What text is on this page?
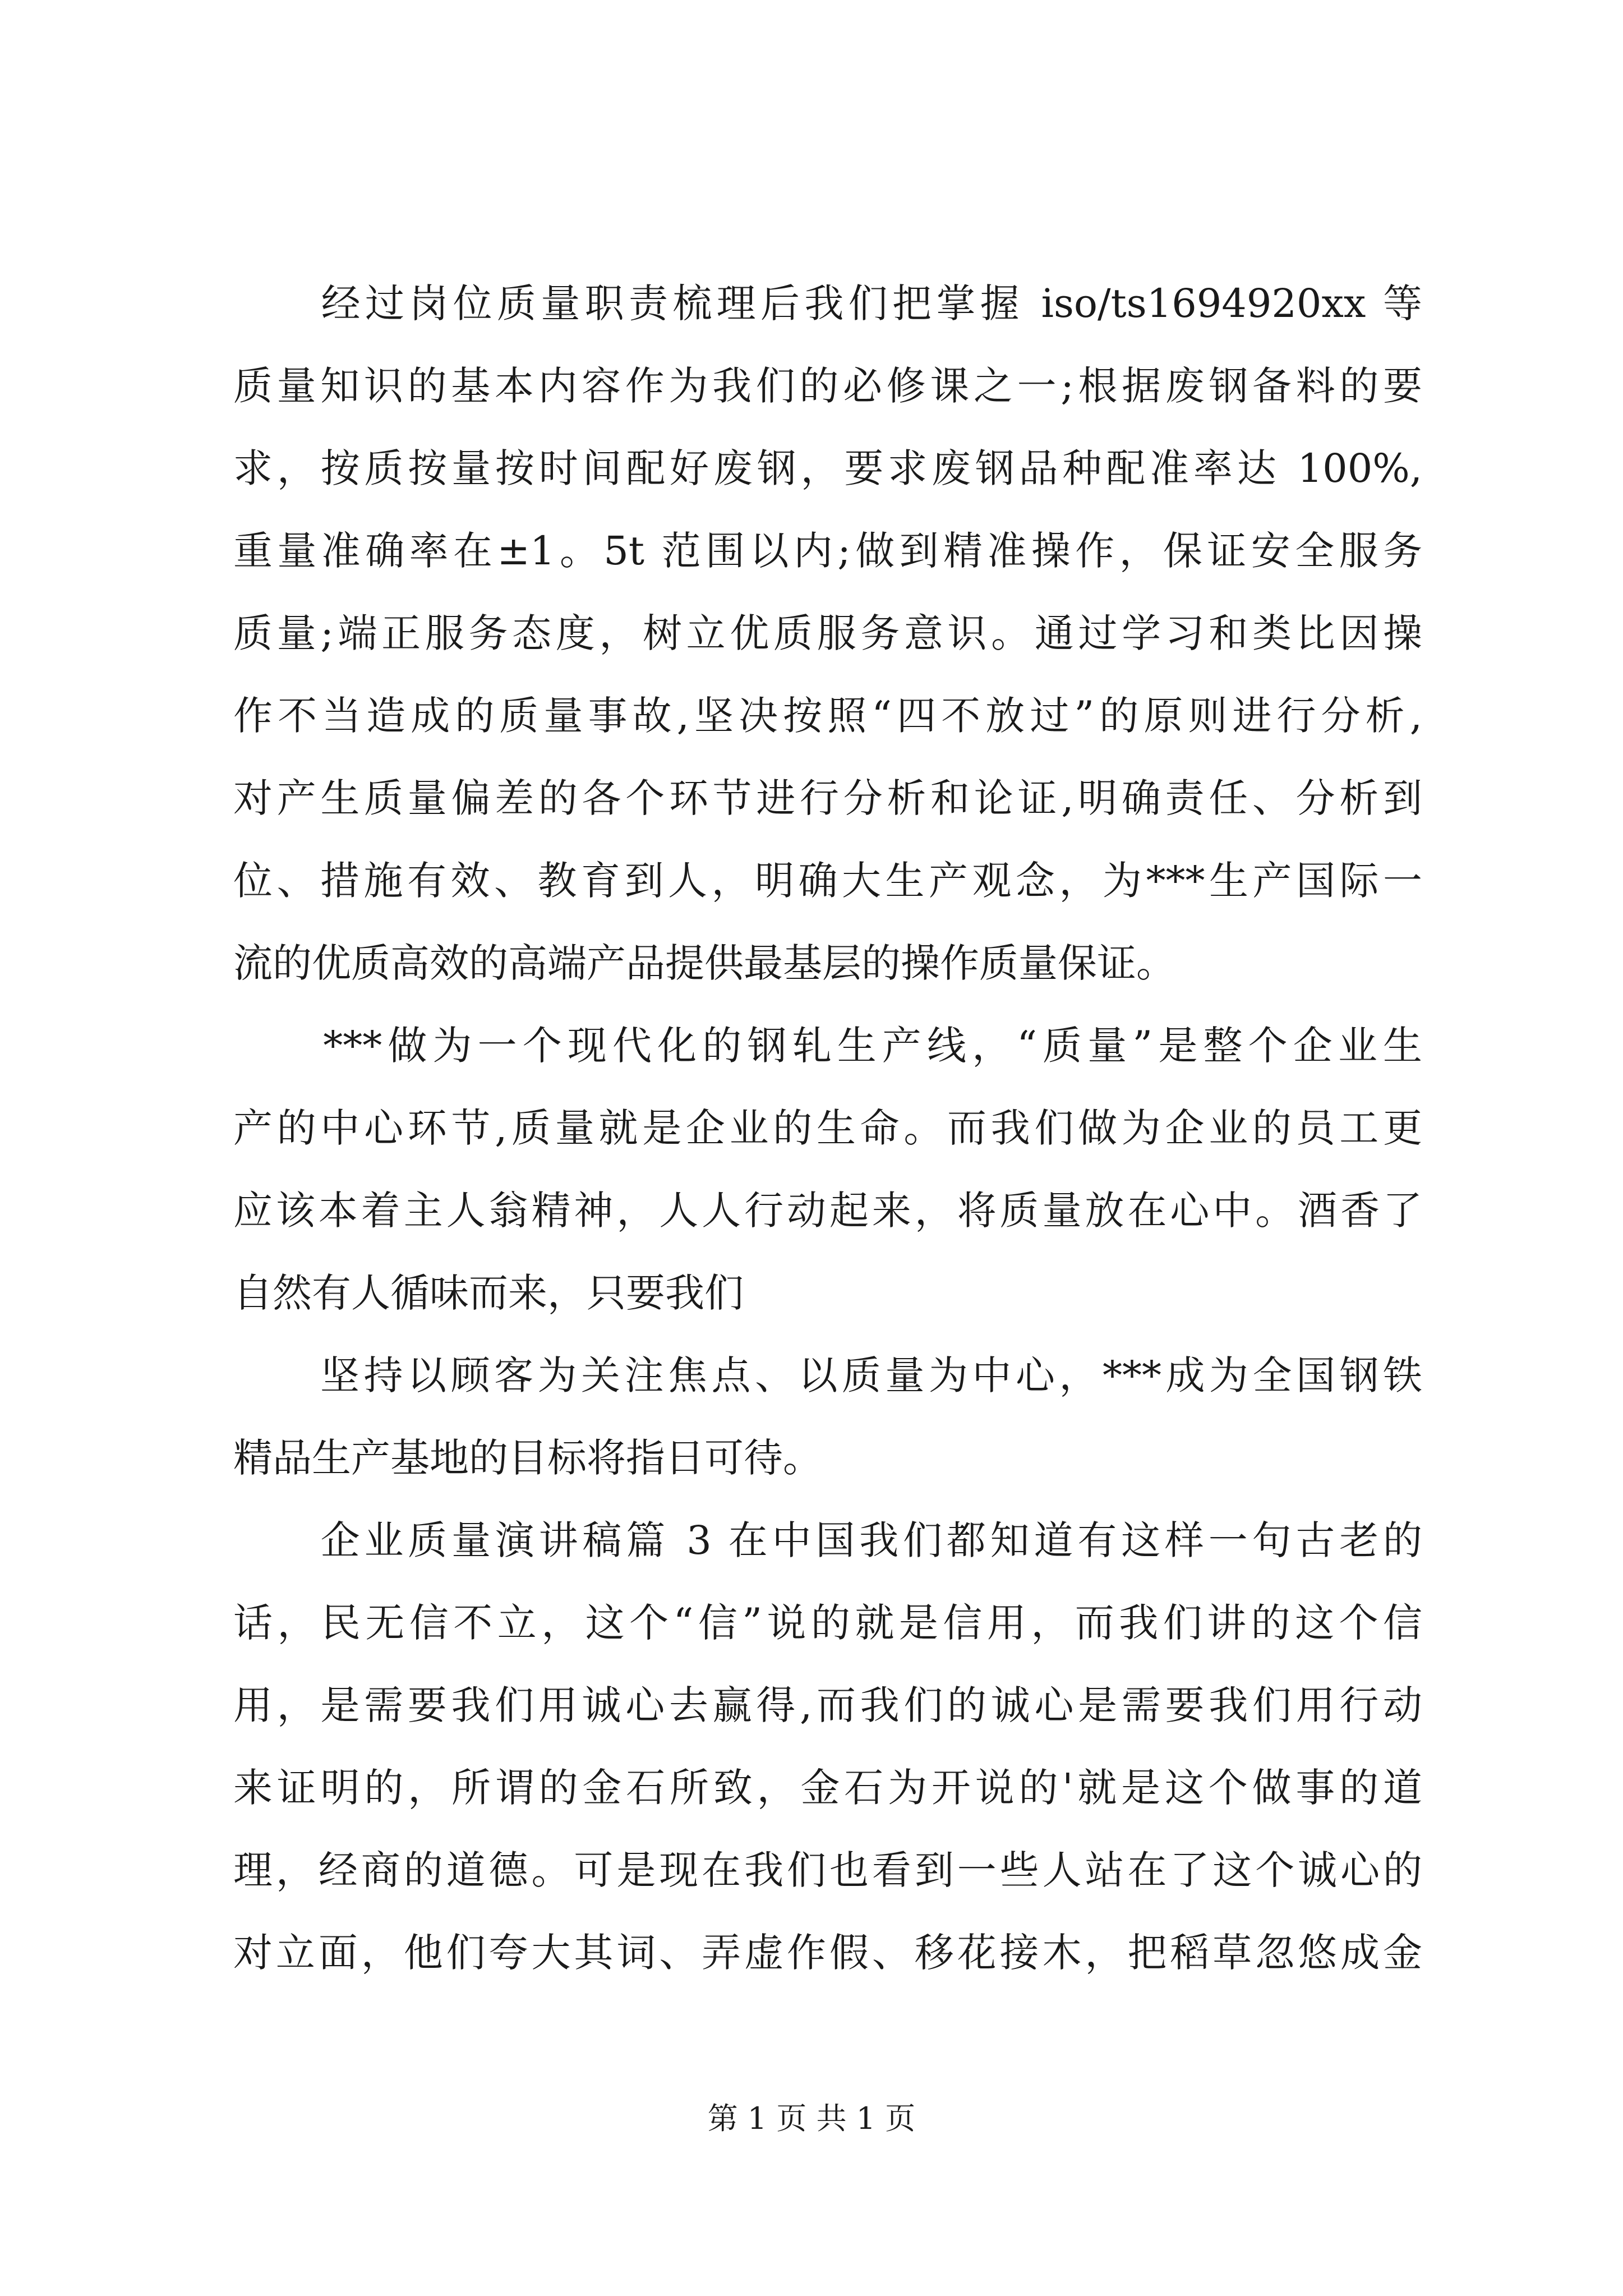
　　经过岗位质量职责梳理后我们把掌握 iso/ts1694920xx 等
质量知识的基本内容作为我们的必修课之一;根据废钢备料的要
求，按质按量按时间配好废钢，要求废钢品种配准率达 100%,
重量准确率在±1。5t 范围以内;做到精准操作，保证安全服务
质量;端正服务态度，树立优质服务意识。通过学习和类比因操
作不当造成的质量事故,坚决按照“四不放过”的原则进行分析,
对产生质量偏差的各个环节进行分析和论证,明确责任、分析到
位、措施有效、教育到人，明确大生产观念，为***生产国际一
流的优质高效的高端产品提供最基层的操作质量保证。
　　***做为一个现代化的钢轧生产线，“质量”是整个企业生
产的中心环节,质量就是企业的生命。而我们做为企业的员工更
应该本着主人翁精神，人人行动起来，将质量放在心中。酒香了
自然有人循味而来，只要我们
　　坚持以顾客为关注焦点、以质量为中心，***成为全国钢铁
精品生产基地的目标将指日可待。
　　企业质量演讲稿篇 3 在中国我们都知道有这样一句古老的
话，民无信不立，这个“信”说的就是信用，而我们讲的这个信
用，是需要我们用诚心去赢得,而我们的诚心是需要我们用行动
来证明的，所谓的金石所致，金石为开说的'就是这个做事的道
理，经商的道德。可是现在我们也看到一些人站在了这个诚心的
对立面，他们夸大其词、弄虚作假、移花接木，把稻草忽悠成金
第 1 页 共 1 页
